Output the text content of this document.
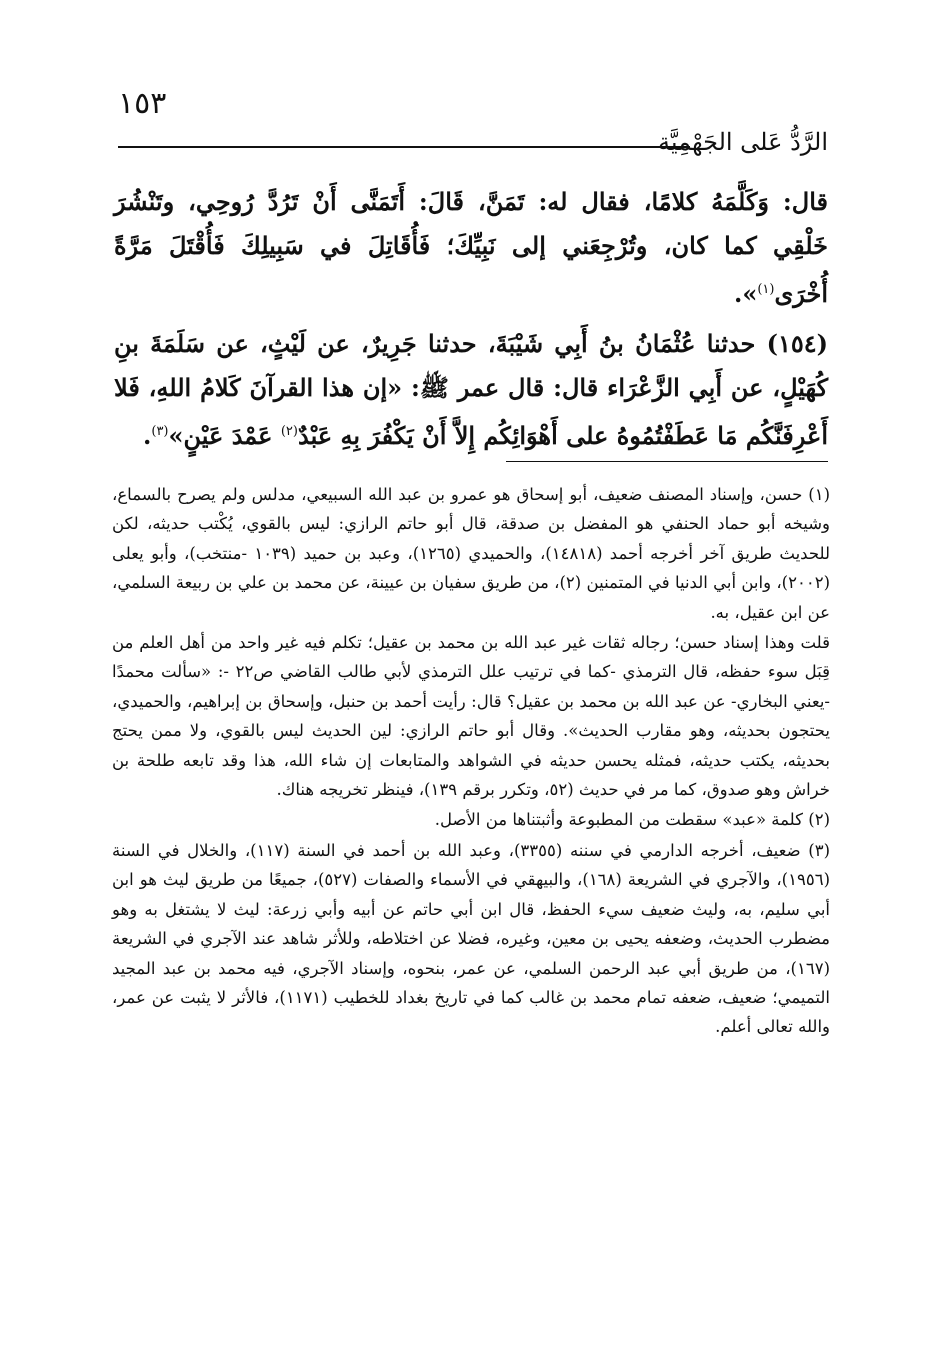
١٥٣
الرَّدُّ عَلى الجَهْمِيَّة

قال: وَكَلَّمَهُ كلامًا، فقال له: تَمَنَّ، قَالَ: أَتَمَنَّى أَنْ تَرُدَّ رُوحِي، وتَنْشُرَ خَلْقِي كما كان، وتُرْجِعَني إلى نَبِيِّكَ؛ فَأُقَاتِلَ في سَبِيلِكَ فَأُقْتَلَ مَرَّةً أُخْرَى$^{(١)}$».

(١٥٤) حدثنا عُثْمَانُ بنُ أَبِي شَيْبَةَ، حدثنا جَرِيرٌ، عن لَيْثٍ، عن سَلَمَةَ بنِ كُهَيْلٍ، عن أَبِي الزَّعْرَاء قال: قال عمر ﷺ: «إن هذا القرآنَ كَلامُ اللهِ، فَلا أَعْرِفَنَّكُم مَا عَطَفْتُمُوهُ على أَهْوَائِكُم إِلاَّ أَنْ يَكْفُرَ بِهِ عَبْدٌ$^{(٢)}$ عَمْدَ عَيْنٍ»$^{(٣)}$.

(١) حسن، وإسناد المصنف ضعيف، أبو إسحاق هو عمرو بن عبد الله السبيعي، مدلس ولم يصرح بالسماع، وشيخه أبو حماد الحنفي هو المفضل بن صدقة، قال أبو حاتم الرازي: ليس بالقوي، يُكْتب حديثه، لكن للحديث طريق آخر أخرجه أحمد (١٤٨١٨)، والحميدي (١٢٦٥)، وعبد بن حميد (١٠٣٩ -منتخب)، وأبو يعلى (٢٠٠٢)، وابن أبي الدنيا في المتمنين (٢)، من طريق سفيان بن عيينة، عن محمد بن علي بن ربيعة السلمي، عن ابن عقيل، به.

قلت وهذا إسناد حسن؛ رجاله ثقات غير عبد الله بن محمد بن عقيل؛ تكلم فيه غير واحد من أهل العلم من قِبَل سوء حفظه، قال الترمذي -كما في ترتيب علل الترمذي لأبي طالب القاضي ص٢٢ -: «سألت محمدًا -يعني البخاري- عن عبد الله بن محمد بن عقيل؟ قال: رأيت أحمد بن حنبل، وإسحاق بن إبراهيم، والحميدي، يحتجون بحديثه، وهو مقارب الحديث». وقال أبو حاتم الرازي: لين الحديث ليس بالقوي، ولا ممن يحتج بحديثه، يكتب حديثه، فمثله يحسن حديثه في الشواهد والمتابعات إن شاء الله، هذا وقد تابعه طلحة بن خراش وهو صدوق، كما مر في حديث (٥٢، وتكرر برقم ١٣٩)، فينظر تخريجه هناك.

(٢) كلمة «عبد» سقطت من المطبوعة وأثبتناها من الأصل.

(٣) ضعيف، أخرجه الدارمي في سننه (٣٣٥٥)، وعبد الله بن أحمد في السنة (١١٧)، والخلال في السنة (١٩٥٦)، والآجري في الشريعة (١٦٨)، والبيهقي في الأسماء والصفات (٥٢٧)، جميعًا من طريق ليث هو ابن أبي سليم، به، وليث ضعيف سيء الحفظ، قال ابن أبي حاتم عن أبيه وأبي زرعة: ليث لا يشتغل به وهو مضطرب الحديث، وضعفه يحيى بن معين، وغيره، فضلا عن اختلاطه، وللأثر شاهد عند الآجري في الشريعة (١٦٧)، من طريق أبي عبد الرحمن السلمي، عن عمر، بنحوه، وإسناد الآجري، فيه محمد بن عبد المجيد التميمي؛ ضعيف، ضعفه تمام محمد بن غالب كما في تاريخ بغداد للخطيب (١١٧١)، فالأثر لا يثبت عن عمر، والله تعالى أعلم.
